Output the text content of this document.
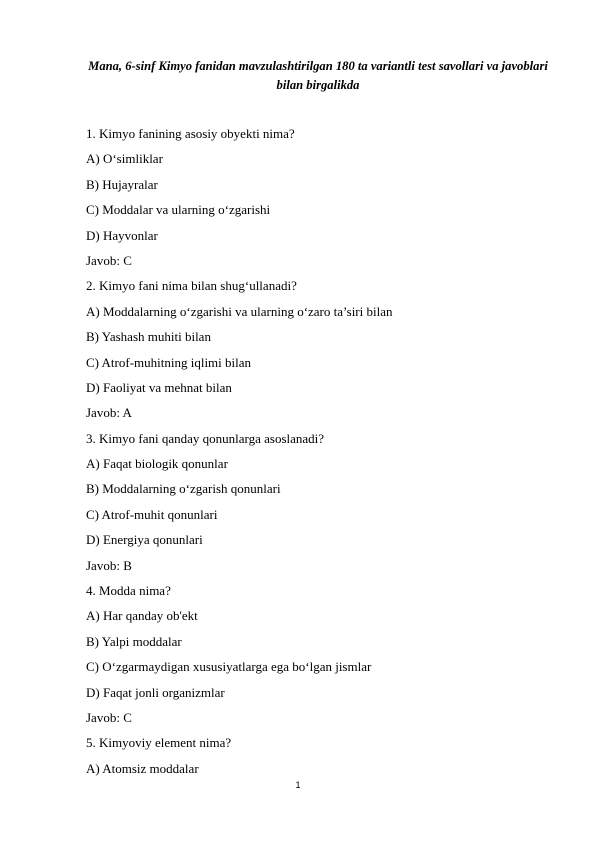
Mana, 6-sinf Kimyo fanidan mavzulashtirilgan 180 ta variantli test savollari va javoblari bilan birgalikda
1. Kimyo fanining asosiy obyekti nima?
A) O‘simliklar
B) Hujayralar
C) Moddalar va ularning o‘zgarishi
D) Hayvonlar
Javob: C
2. Kimyo fani nima bilan shug‘ullanadi?
A) Moddalarning o‘zgarishi va ularning o‘zaro ta’siri bilan
B) Yashash muhiti bilan
C) Atrof-muhitning iqlimi bilan
D) Faoliyat va mehnat bilan
Javob: A
3. Kimyo fani qanday qonunlarga asoslanadi?
A) Faqat biologik qonunlar
B) Moddalarning o‘zgarish qonunlari
C) Atrof-muhit qonunlari
D) Energiya qonunlari
Javob: B
4. Modda nima?
A) Har qanday ob'ekt
B) Yalpi moddalar
C) O‘zgarmaydigan xususiyatlarga ega bo‘lgan jismlar
D) Faqat jonli organizmlar
Javob: C
5. Kimyoviy element nima?
A) Atomsiz moddalar
1
